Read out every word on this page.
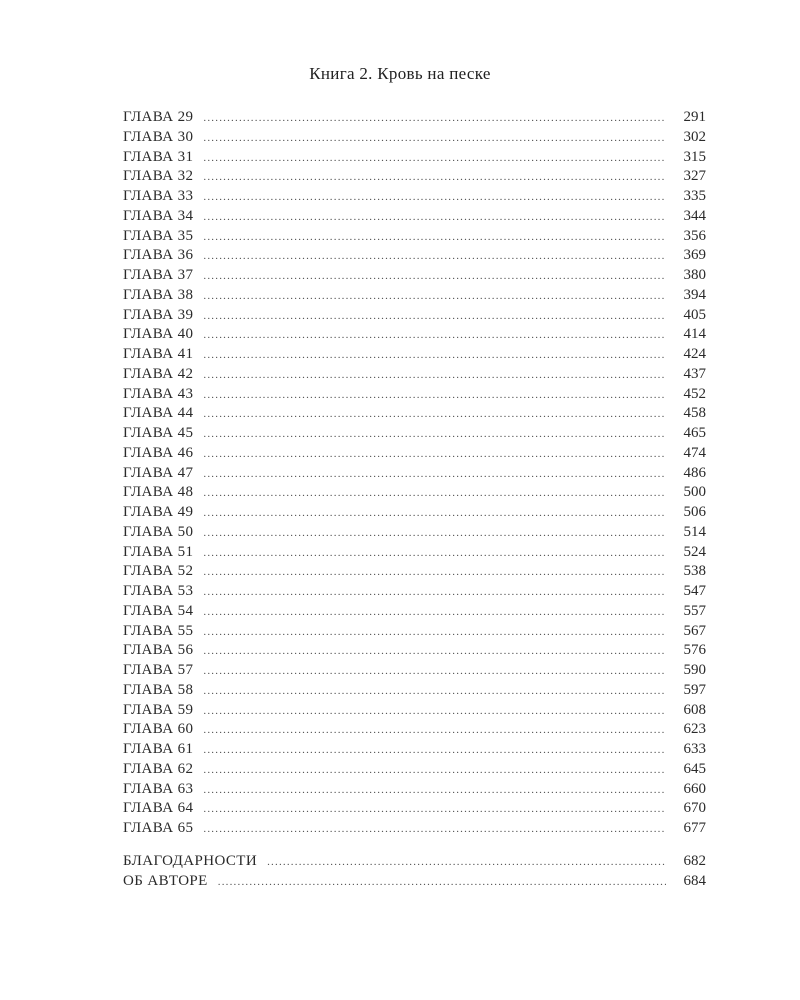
Книга 2. Кровь на песке
ГЛАВА 29 .....	291
ГЛАВА 30 .....	302
ГЛАВА 31 .....	315
ГЛАВА 32 .....	327
ГЛАВА 33 .....	335
ГЛАВА 34 .....	344
ГЛАВА 35 .....	356
ГЛАВА 36 .....	369
ГЛАВА 37 .....	380
ГЛАВА 38 .....	394
ГЛАВА 39 .....	405
ГЛАВА 40 .....	414
ГЛАВА 41 .....	424
ГЛАВА 42 .....	437
ГЛАВА 43 .....	452
ГЛАВА 44 .....	458
ГЛАВА 45 .....	465
ГЛАВА 46 .....	474
ГЛАВА 47 .....	486
ГЛАВА 48 .....	500
ГЛАВА 49 .....	506
ГЛАВА 50 .....	514
ГЛАВА 51 .....	524
ГЛАВА 52 .....	538
ГЛАВА 53 .....	547
ГЛАВА 54 .....	557
ГЛАВА 55 .....	567
ГЛАВА 56 .....	576
ГЛАВА 57 .....	590
ГЛАВА 58 .....	597
ГЛАВА 59 .....	608
ГЛАВА 60 .....	623
ГЛАВА 61 .....	633
ГЛАВА 62 .....	645
ГЛАВА 63 .....	660
ГЛАВА 64 .....	670
ГЛАВА 65 .....	677
БЛАГОДАРНОСТИ .....	682
ОБ АВТОРЕ .....	684
